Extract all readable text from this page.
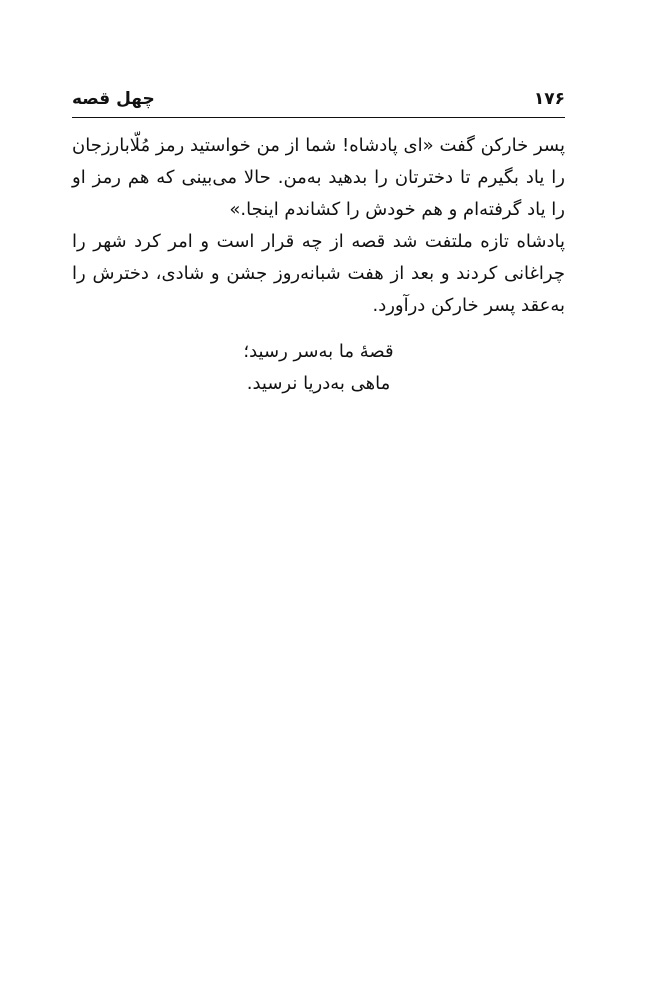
۱۷۶
چهل قصه

پسر خارکن گفت «ای پادشاه! شما از من خواستید رمز مُلّابارزجان را یاد بگیرم تا دخترتان را بدهید به‌من. حالا می‌بینی که هم رمز او را یاد گرفته‌ام و هم خودش را کشاندم اینجا.»

پادشاه تازه ملتفت شد قصه از چه قرار است و امر کرد شهر را چراغانی کردند و بعد از هفت شبانه‌روز جشن و شادی، دخترش را به‌عقد پسر خارکن درآورد.

قصهٔ ما به‌سر رسید؛
ماهی به‌دریا نرسید.
